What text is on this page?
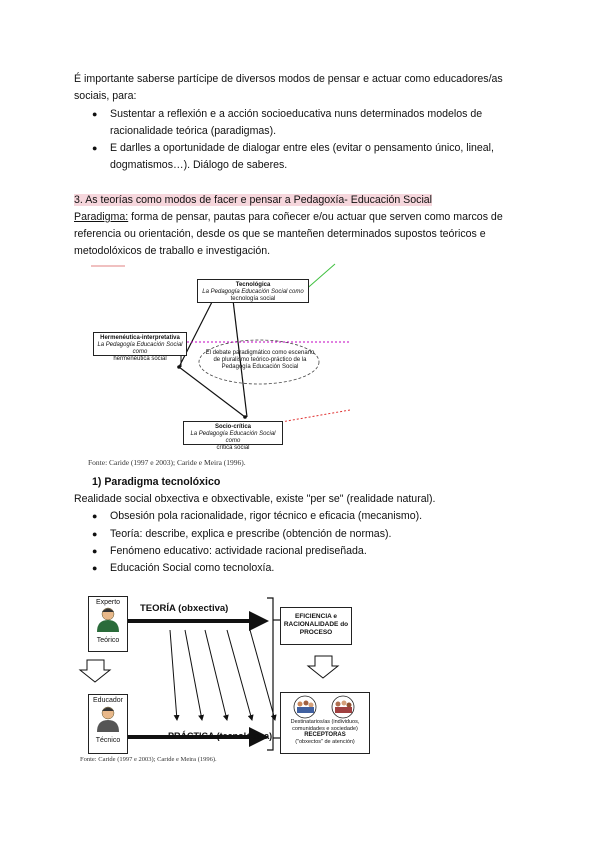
É importante saberse partícipe de diversos modos de pensar e actuar como educadores/as
sociais, para:
●	Sustentar a reflexión e a acción socioeducativa nuns determinados modelos de
racionalidade teórica (paradigmas).
●	E darlles a oportunidade de dialogar entre eles (evitar o pensamento único, lineal,
dogmatismos…). Diálogo de saberes.
3. As teorías como modos de facer e pensar a Pedagoxía- Educación Social
Paradigma: forma de pensar, pautas para coñecer e/ou actuar que serven como marcos de
referencia ou orientación, desde os que se manteñen determinados supostos teóricos e
metodolóxicos de traballo e investigación.
Tecnológica
La Pedagogía Educación Social como
tecnología social
Hermenéutica-interpretativa
La Pedagogía Educación Social como
hermenéutica social
El debate paradigmático como escenario
de pluralismo teórico-práctico de la
Pedagogía Educación Social
Socio-crítica
La Pedagogía Educación Social como
crítica social
Fonte: Caride (1997 e 2003); Caride e Meira (1996).
1) Paradigma tecnolóxico
Realidade social obxectiva e obxectivable, existe "per se" (realidade natural).
●	Obsesión pola racionalidade, rigor técnico e eficacia (mecanismo).
●	Teoría: describe, explica e prescribe (obtención de normas).
●	Fenómeno educativo: actividade racional prediseñada.
●	Educación Social como tecnoloxía.
Experto
Teórico
TEORÍA (obxectiva)
EFICIENCIA e
RACIONALIDADE do
PROCESO
Educador
Técnico	PRÁCTICA (tecnolóxica)
Destinatarios/as (individuos,
comunidades e sociedade)
RECEPTORAS
("obxectos" de atención)
Fonte: Caride (1997 e 2003); Caride e Meira (1996).
